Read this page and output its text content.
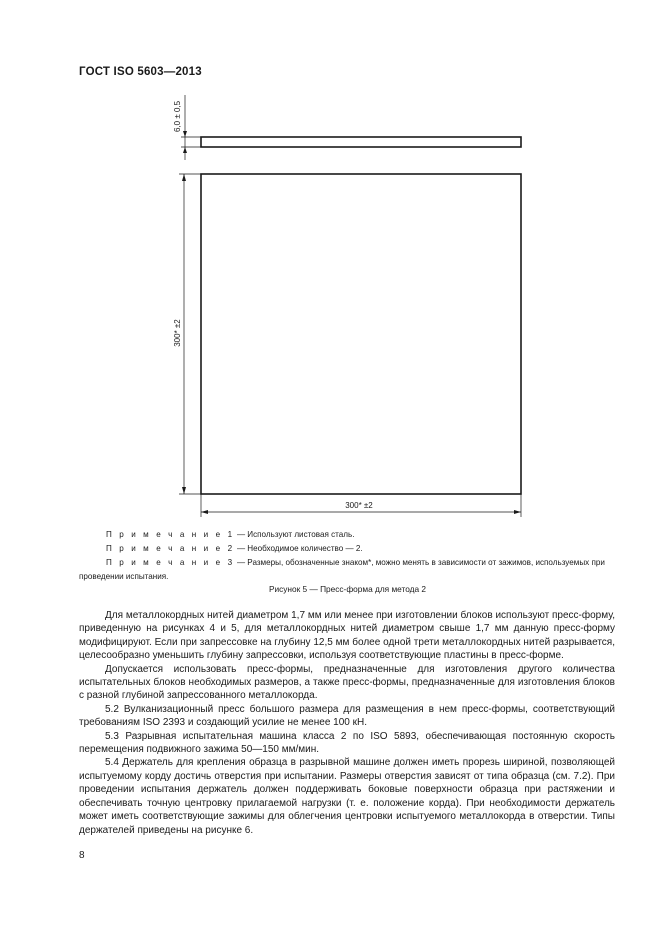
ГОСТ ISO 5603—2013
6,0 ± 0,5
300* ±2
300* ±2

П р и м е ч а н и е 1 — Используют листовая сталь.

П р и м е ч а н и е 2 — Необходимое количество — 2.

П р и м е ч а н и е 3 — Размеры, обозначенные знаком*, можно менять в зависимости от зажимов, используемых при проведении испытания.

Рисунок 5 — Пресс-форма для метода 2

Для металлокордных нитей диаметром 1,7 мм или менее при изготовлении блоков используют пресс-форму, приведенную на рисунках 4 и 5, для металлокордных нитей диаметром свыше 1,7 мм данную пресс-форму модифицируют. Если при запрессовке на глубину 12,5 мм более одной трети металлокордных нитей разрывается, целесообразно уменьшить глубину запрессовки, используя соответствующие пластины в пресс-форме.

Допускается использовать пресс-формы, предназначенные для изготовления другого количества испытательных блоков необходимых размеров, а также пресс-формы, предназначенные для изготовления блоков с разной глубиной запрессованного металлокорда.

5.2 Вулканизационный пресс большого размера для размещения в нем пресс-формы, соответствующий требованиям ISO 2393 и создающий усилие не менее 100 кН.

5.3 Разрывная испытательная машина класса 2 по ISO 5893, обеспечивающая постоянную скорость перемещения подвижного зажима 50—150 мм/мин.

5.4 Держатель для крепления образца в разрывной машине должен иметь прорезь шириной, позволяющей испытуемому корду достичь отверстия при испытании. Размеры отверстия зависят от типа образца (см. 7.2). При проведении испытания держатель должен поддерживать боковые поверхности образца при растяжении и обеспечивать точную центровку прилагаемой нагрузки (т. е. положение корда). При необходимости держатель может иметь соответствующие зажимы для облегчения центровки испытуемого металлокорда в отверстии. Типы держателей приведены на рисунке 6.

8
